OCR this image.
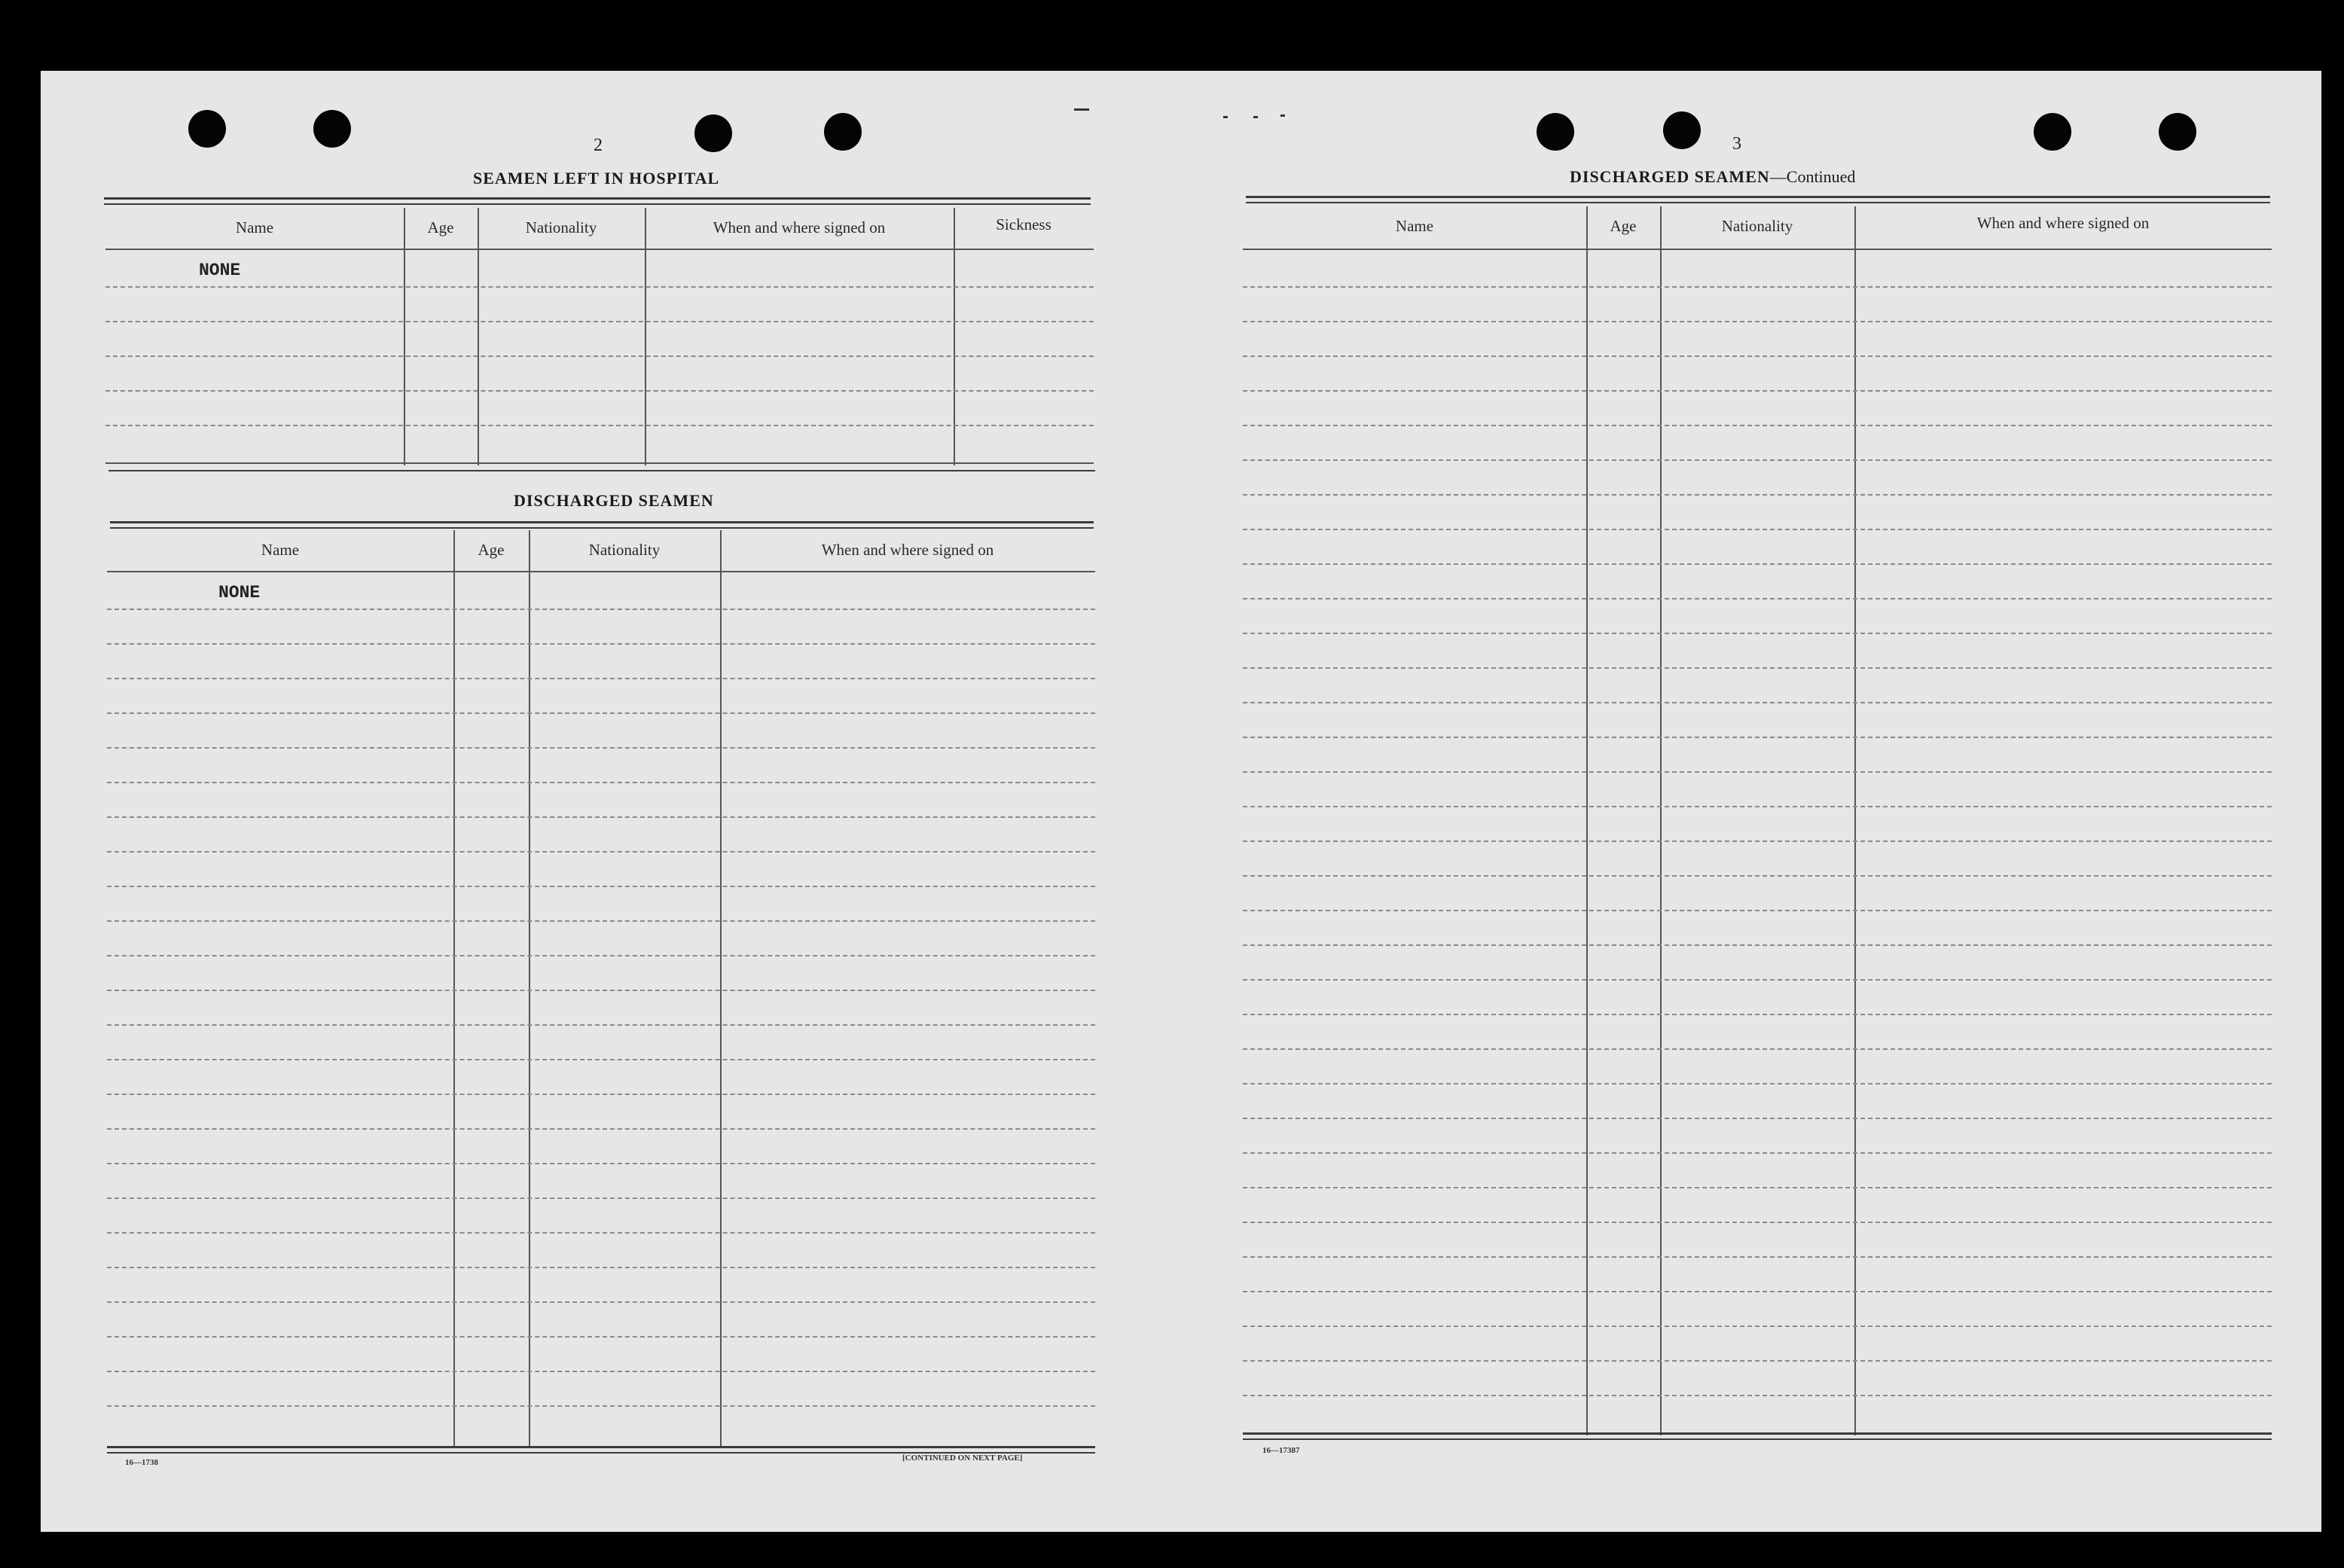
2
SEAMEN LEFT IN HOSPITAL
Name	Age	Nationality	When and where signed on	Sickness
NONE
DISCHARGED SEAMEN
Name	Age	Nationality	When and where signed on
NONE
16—1738	[CONTINUED ON NEXT PAGE]
3
DISCHARGED SEAMEN—Continued
Name	Age	Nationality	When and where signed on
16—17387
